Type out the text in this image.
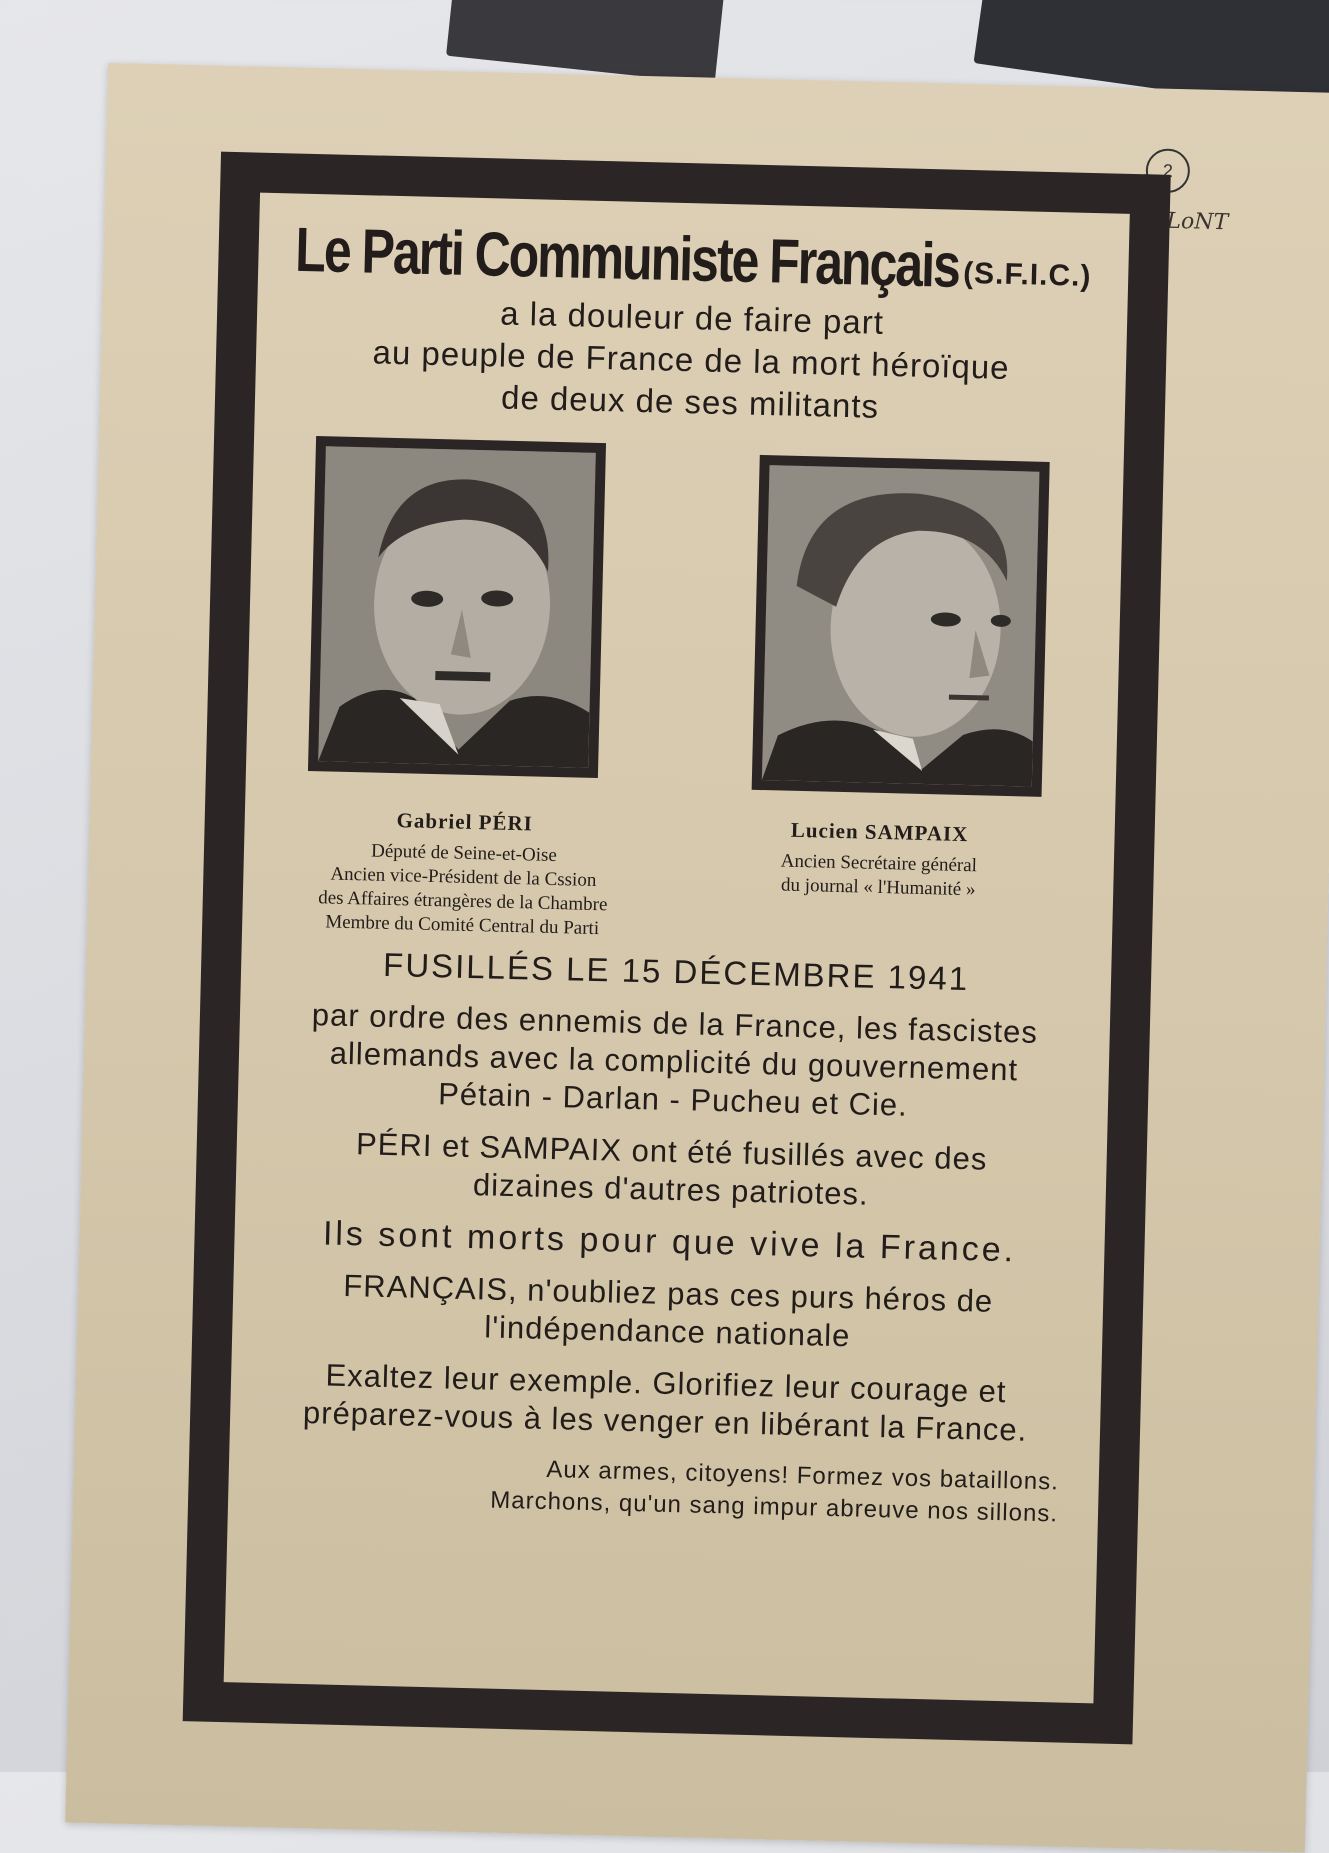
2
DuLoNT
Le Parti Communiste Français (S.F.I.C.)
a la douleur de faire part
au peuple de France de la mort héroïque
de deux de ses militants
Gabriel PÉRI
Député de Seine-et-Oise
Ancien vice-Président de la Cssion
des Affaires étrangères de la Chambre
Membre du Comité Central du Parti
Lucien SAMPAIX
Ancien Secrétaire général
du journal « l'Humanité »
FUSILLÉS LE 15 DÉCEMBRE 1941
par ordre des ennemis de la France, les fascistes
allemands avec la complicité du gouvernement
Pétain - Darlan - Pucheu et Cie.
PÉRI et SAMPAIX ont été fusillés avec des
dizaines d'autres patriotes.
Ils sont morts pour que vive la France.
FRANÇAIS, n'oubliez pas ces purs héros de
l'indépendance nationale
Exaltez leur exemple. Glorifiez leur courage et
préparez-vous à les venger en libérant la France.
Aux armes, citoyens! Formez vos bataillons.
Marchons, qu'un sang impur abreuve nos sillons.
